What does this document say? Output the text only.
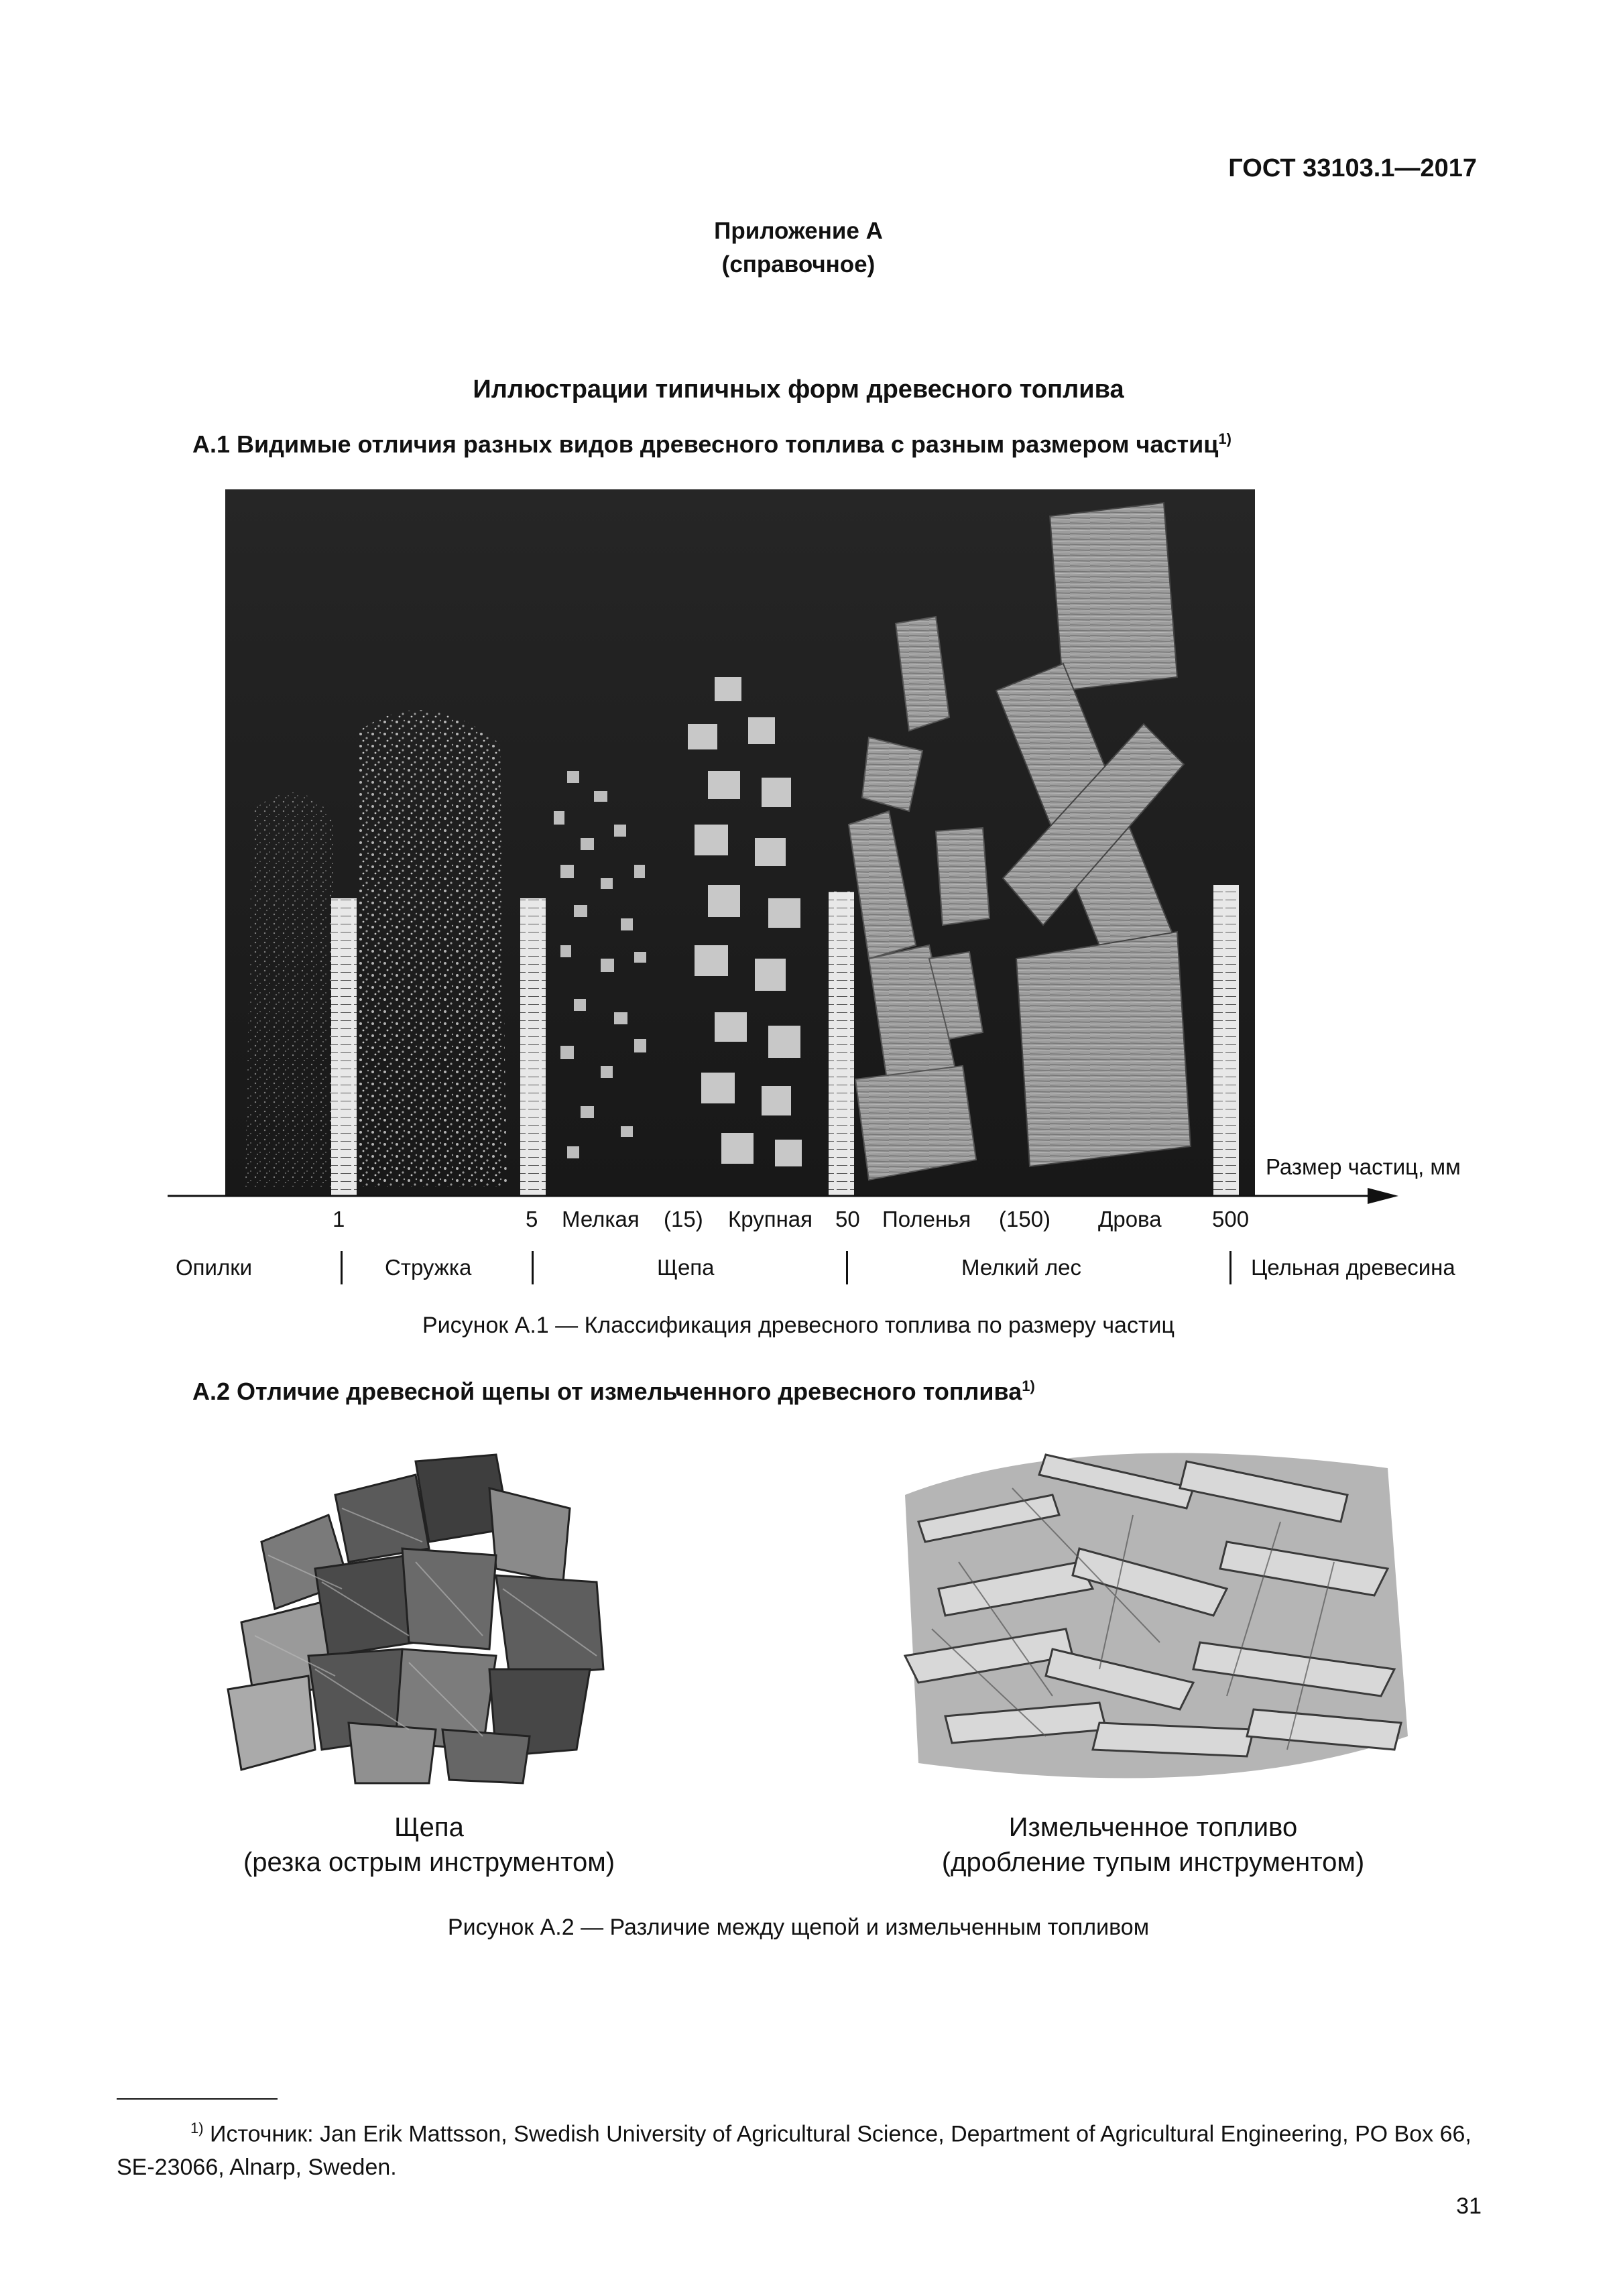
ГОСТ 33103.1—2017
Приложение А
(справочное)
Иллюстрации типичных форм древесного топлива
А.1 Видимые отличия разных видов древесного топлива с разным размером частиц$^{1)}$
Размер частиц, мм
1	5 Мелкая (15) Крупная 50 Поленья (150) Дрова 500
Опилки	Стружка	Щепа	Мелкий лес	Цельная древесина
Рисунок А.1 — Классификация древесного топлива по размеру частиц
А.2 Отличие древесной щепы от измельченного древесного топлива$^{1)}$
Щепа
(резка острым инструментом)
Измельченное топливо
(дробление тупым инструментом)
Рисунок А.2 — Различие между щепой и измельченным топливом
$^{1)}$ Источник: Jan Erik Mattsson, Swedish University of Agricultural Science, Department of Agricultural Engineering, PO Box 66, SE-23066, Alnarp, Sweden.
31
